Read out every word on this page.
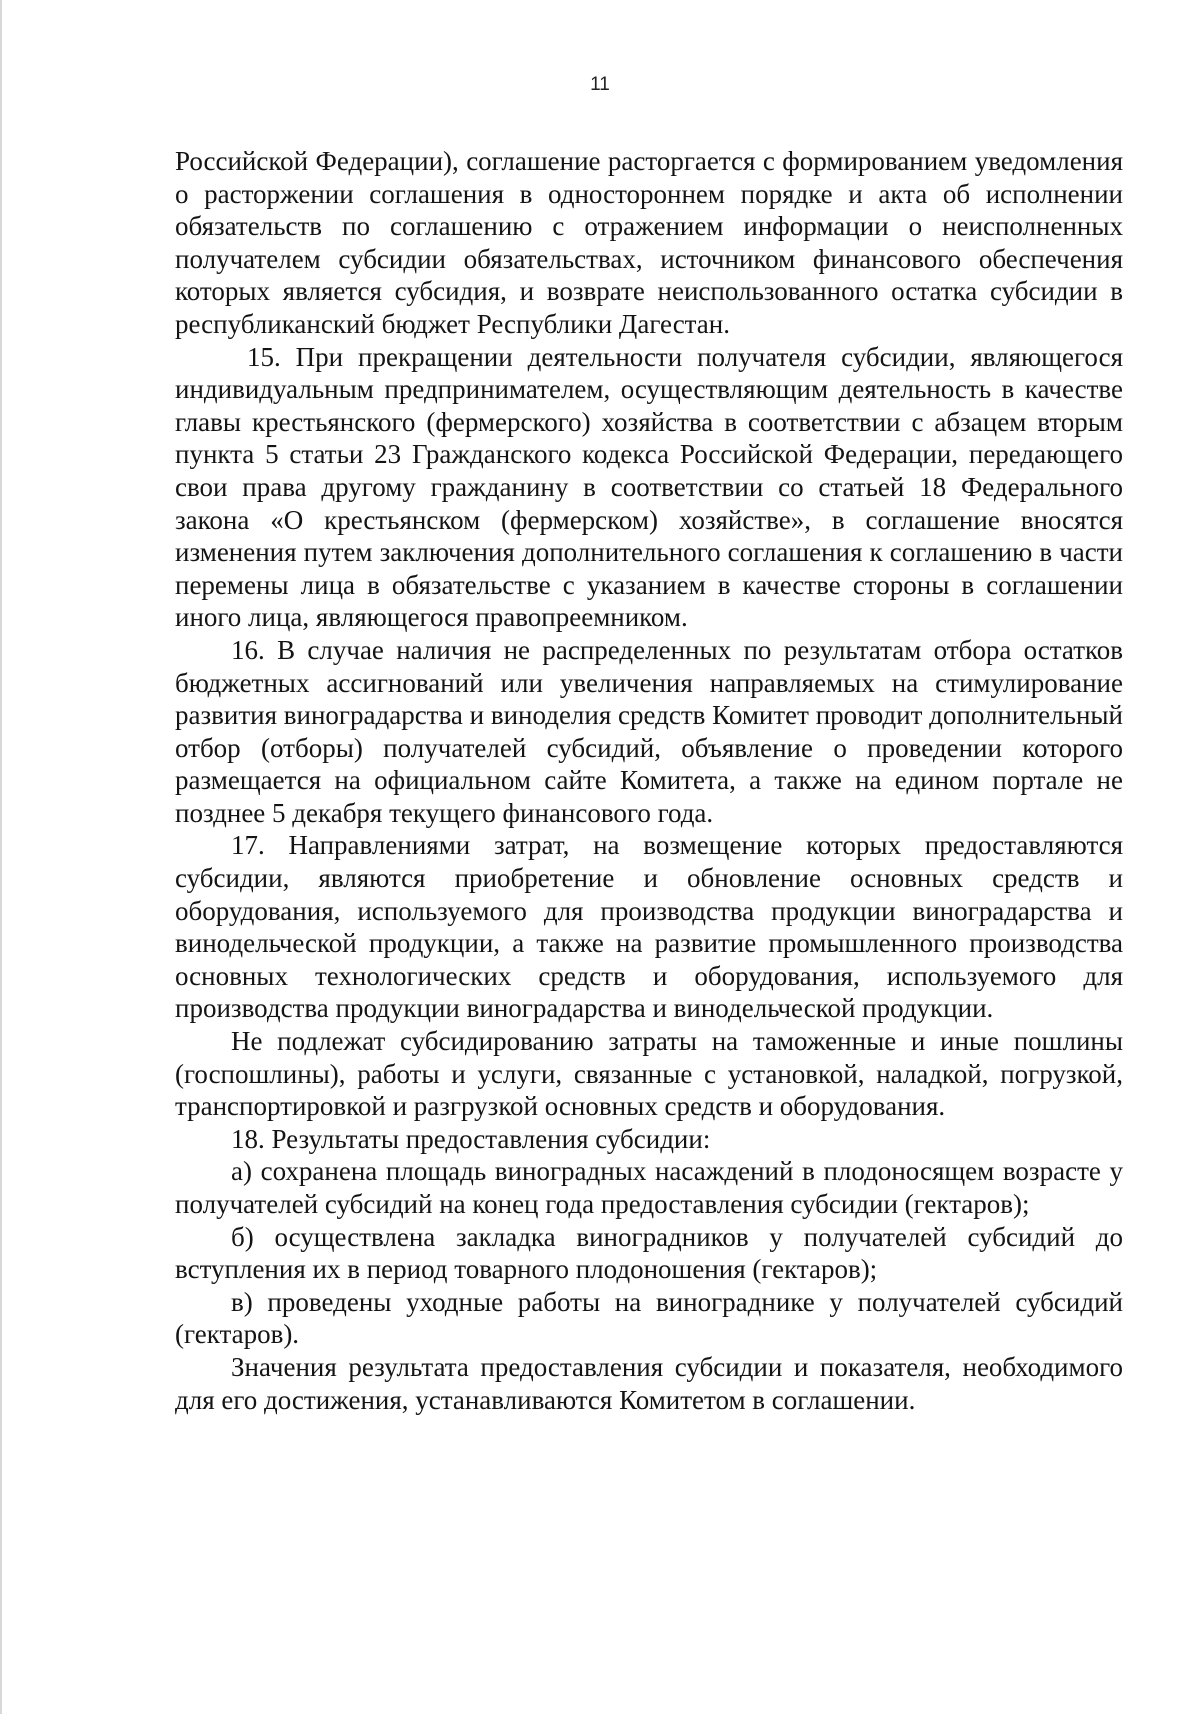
11

Российской Федерации), соглашение расторгается с формированием уведомления о расторжении соглашения в одностороннем порядке и акта об исполнении обязательств по соглашению с отражением информации о неисполненных получателем субсидии обязательствах, источником финансового обеспечения которых является субсидия, и возврате неиспользованного остатка субсидии в республиканский бюджет Республики Дагестан.

15. При прекращении деятельности получателя субсидии, являющегося индивидуальным предпринимателем, осуществляющим деятельность в качестве главы крестьянского (фермерского) хозяйства в соответствии с абзацем вторым пункта 5 статьи 23 Гражданского кодекса Российской Федерации, передающего свои права другому гражданину в соответствии со статьей 18 Федерального закона «О крестьянском (фермерском) хозяйстве», в соглашение вносятся изменения путем заключения дополнительного соглашения к соглашению в части перемены лица в обязательстве с указанием в качестве стороны в соглашении иного лица, являющегося правопреемником.

16. В случае наличия не распределенных по результатам отбора остатков бюджетных ассигнований или увеличения направляемых на стимулирование развития виноградарства и виноделия средств Комитет проводит дополнительный отбор (отборы) получателей субсидий, объявление о проведении которого размещается на официальном сайте Комитета, а также на едином портале не позднее 5 декабря текущего финансового года.

17. Направлениями затрат, на возмещение которых предоставляются субсидии, являются приобретение и обновление основных средств и оборудования, используемого для производства продукции виноградарства и винодельческой продукции, а также на развитие промышленного производства основных технологических средств и оборудования, используемого для производства продукции виноградарства и винодельческой продукции.

Не подлежат субсидированию затраты на таможенные и иные пошлины (госпошлины), работы и услуги, связанные с установкой, наладкой, погрузкой, транспортировкой и разгрузкой основных средств и оборудования.

18. Результаты предоставления субсидии:

а) сохранена площадь виноградных насаждений в плодоносящем возрасте у получателей субсидий на конец года предоставления субсидии (гектаров);

б) осуществлена закладка виноградников у получателей субсидий до вступления их в период товарного плодоношения (гектаров);

в) проведены уходные работы на винограднике у получателей субсидий (гектаров).

Значения результата предоставления субсидии и показателя, необходимого для его достижения, устанавливаются Комитетом в соглашении.
